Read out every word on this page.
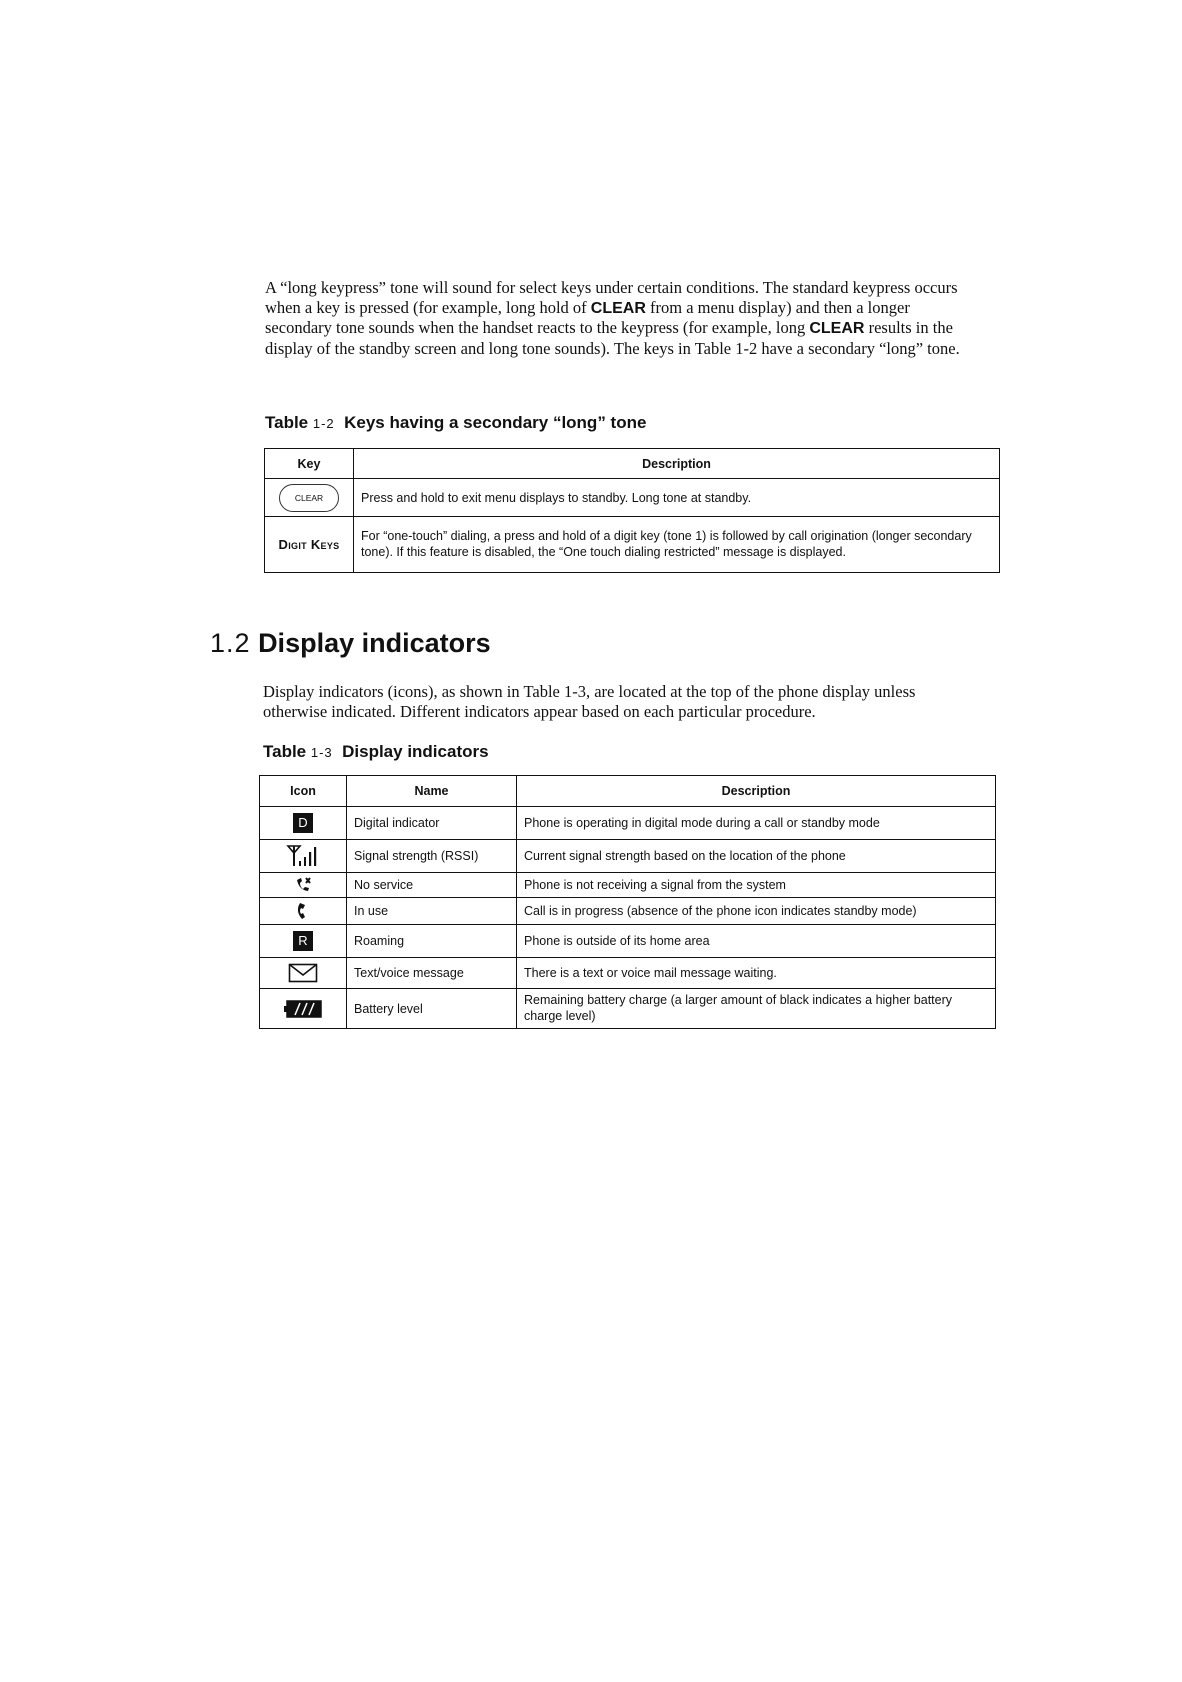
A “long keypress” tone will sound for select keys under certain conditions. The standard keypress occurs when a key is pressed (for example, long hold of CLEAR from a menu display) and then a longer secondary tone sounds when the handset reacts to the keypress (for example, long CLEAR results in the display of the standby screen and long tone sounds). The keys in Table 1-2 have a secondary “long” tone.

Table 1-2 Keys having a secondary “long” tone
Key	Description
CLEAR	Press and hold to exit menu displays to standby. Long tone at standby.
Digit Keys	For “one-touch” dialing, a press and hold of a digit key (tone 1) is followed by call origination (longer secondary tone). If this feature is disabled, the “One touch dialing restricted” message is displayed.
1.2 Display indicators

Display indicators (icons), as shown in Table 1-3, are located at the top of the phone display unless otherwise indicated. Different indicators appear based on each particular procedure.

Table 1-3 Display indicators
Icon	Name	Description
D	Digital indicator	Phone is operating in digital mode during a call or standby mode

	Signal strength (RSSI)	Current signal strength based on the location of the phone

	No service	Phone is not receiving a signal from the system

	In use	Call is in progress (absence of the phone icon indicates standby mode)
R	Roaming	Phone is outside of its home area

	Text/voice message	There is a text or voice mail message waiting.

	Battery level	Remaining battery charge (a larger amount of black indicates a higher battery charge level)
